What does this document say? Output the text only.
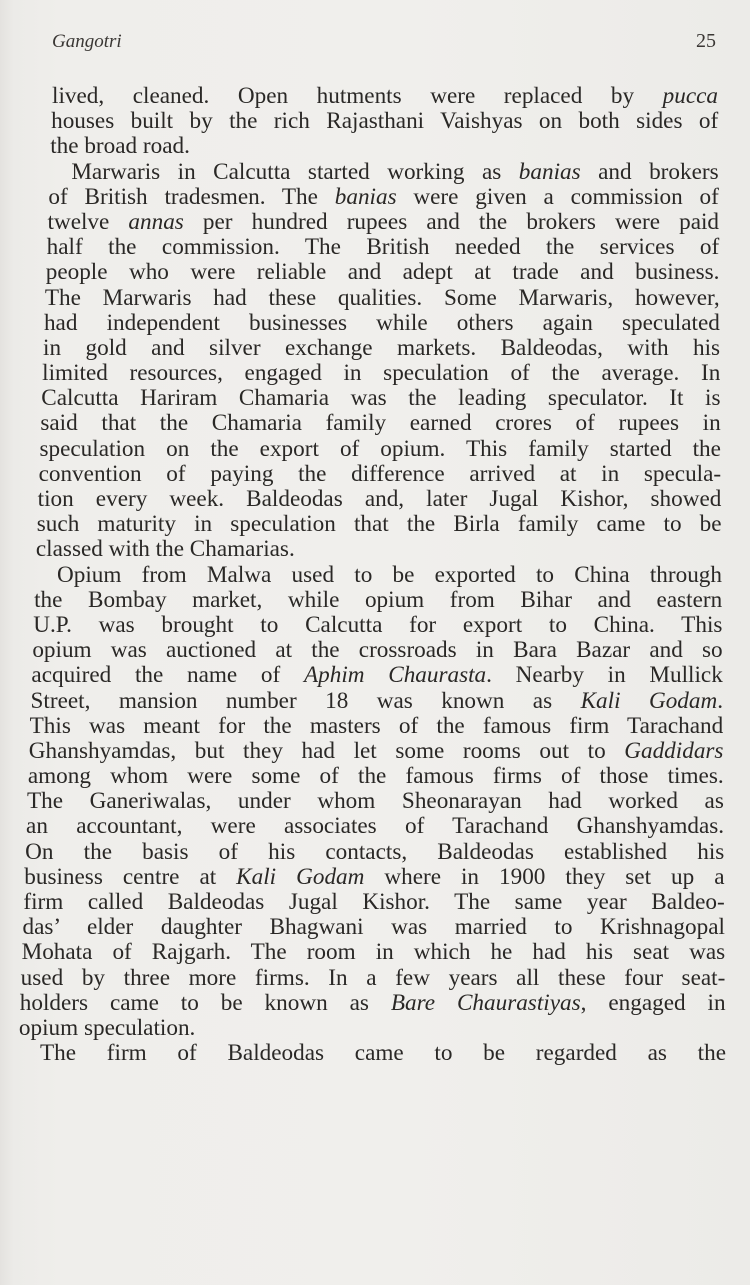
Gangotri	25
lived, cleaned. Open hutments were replaced by pucca
houses built by the rich Rajasthani Vaishyas on both sides of
the broad road.
Marwaris in Calcutta started working as banias and brokers
of British tradesmen. The banias were given a commission of
twelve annas per hundred rupees and the brokers were paid
half the commission. The British needed the services of
people who were reliable and adept at trade and business.
The Marwaris had these qualities. Some Marwaris, however,
had independent businesses while others again speculated
in gold and silver exchange markets. Baldeodas, with his
limited resources, engaged in speculation of the average. In
Calcutta Hariram Chamaria was the leading speculator. It is
said that the Chamaria family earned crores of rupees in
speculation on the export of opium. This family started the
convention of paying the difference arrived at in specula-
tion every week. Baldeodas and, later Jugal Kishor, showed
such maturity in speculation that the Birla family came to be
classed with the Chamarias.
Opium from Malwa used to be exported to China through
the Bombay market, while opium from Bihar and eastern
U.P. was brought to Calcutta for export to China. This
opium was auctioned at the crossroads in Bara Bazar and so
acquired the name of Aphim Chaurasta. Nearby in Mullick
Street, mansion number 18 was known as Kali Godam.
This was meant for the masters of the famous firm Tarachand
Ghanshyamdas, but they had let some rooms out to Gaddidars
among whom were some of the famous firms of those times.
The Ganeriwalas, under whom Sheonarayan had worked as
an accountant, were associates of Tarachand Ghanshyamdas.
On the basis of his contacts, Baldeodas established his
business centre at Kali Godam where in 1900 they set up a
firm called Baldeodas Jugal Kishor. The same year Baldeo-
das’ elder daughter Bhagwani was married to Krishnagopal
Mohata of Rajgarh. The room in which he had his seat was
used by three more firms. In a few years all these four seat-
holders came to be known as Bare Chaurastiyas, engaged in
opium speculation.
The firm of Baldeodas came to be regarded as the
